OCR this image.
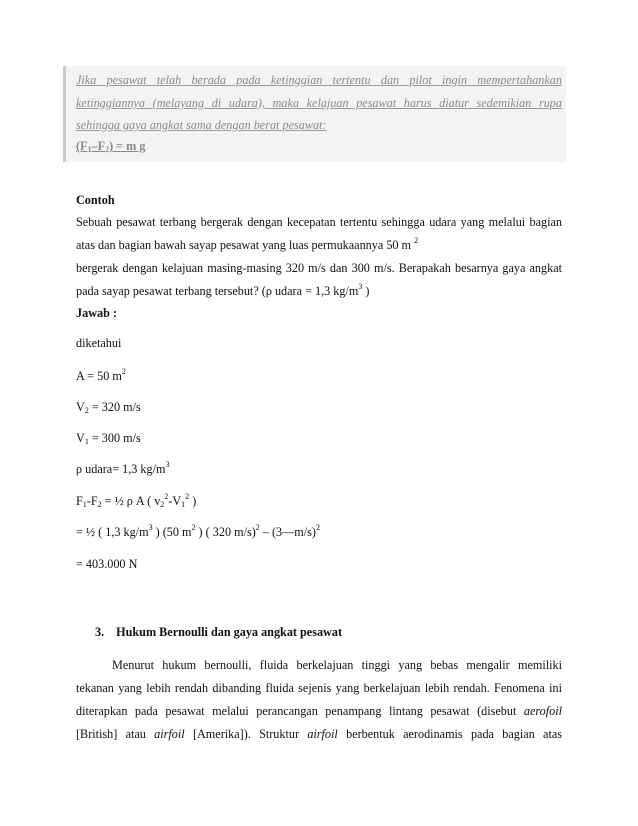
Jika pesawat telah berada pada ketinggian tertentu dan pilot ingin mempertahankan
ketinggiannya (melayang di udara), maka kelajuan pesawat harus diatur sedemikian rupa
sehingga gaya angkat sama dengan berat pesawat:
$(F_1-F_2) = m$ g
Contoh
Sebuah pesawat terbang bergerak dengan kecepatan tertentu sehingga udara yang melalui bagian
atas dan bagian bawah sayap pesawat yang luas permukaannya 50 m $^2$
bergerak dengan kelajuan masing-masing 320 m/s dan 300 m/s. Berapakah besarnya gaya angkat
pada sayap pesawat terbang tersebut? (ρ udara = 1,3 $kg/m^3$ )
Jawab :
diketahui
A = 50 $m^2$
$V_2 = 320$ m/s
$V_1 = 300$ m/s
ρ udara= 1,3 $kg/m^3$
$F_1-F_2$ = ½ ρ A ( $v_2^2-V_1^2$ )
= ½ ( 1,3 $kg/m^3$ ) (50 $m^2$ ) ( 320 m/s)$^2$ – (3—m/s)$^2$
= 403.000 N
3. Hukum Bernoulli dan gaya angkat pesawat
Menurut hukum bernoulli, fluida berkelajuan tinggi yang bebas mengalir memiliki
tekanan yang lebih rendah dibanding fluida sejenis yang berkelajuan lebih rendah. Fenomena ini
diterapkan pada pesawat melalui perancangan penampang lintang pesawat (disebut aerofoil
[British] atau airfoil [Amerika]). Struktur airfoil berbentuk aerodinamis pada bagian atas
